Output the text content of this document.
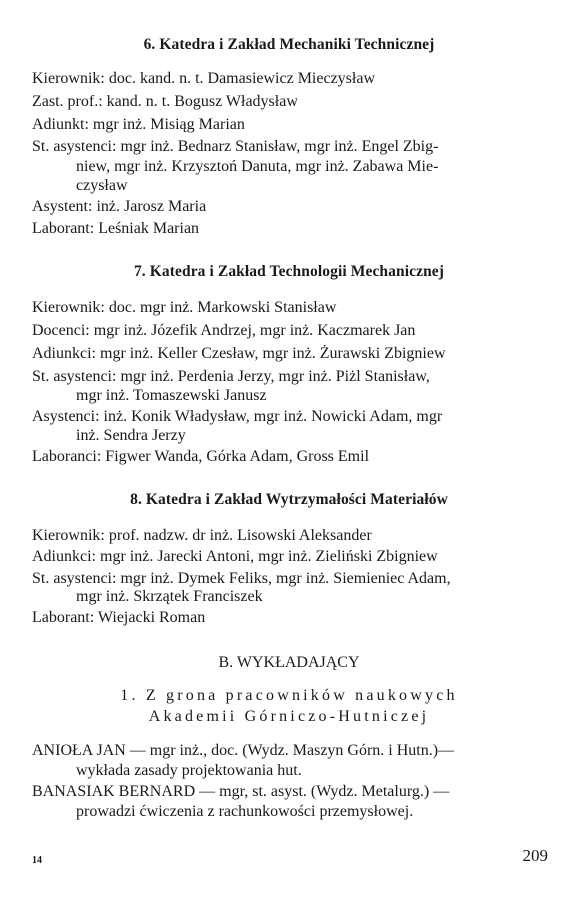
6. Katedra i Zakład Mechaniki Technicznej
Kierownik: doc. kand. n. t. Damasiewicz Mieczysław
Zast. prof.: kand. n. t. Bogusz Władysław
Adiunkt: mgr inż. Misiąg Marian
St. asystenci: mgr inż. Bednarz Stanisław, mgr inż. Engel Zbig-
niew, mgr inż. Krzysztoń Danuta, mgr inż. Zabawa Mie-
czysław
Asystent: inż. Jarosz Maria
Laborant: Leśniak Marian
7. Katedra i Zakład Technologii Mechanicznej
Kierownik: doc. mgr inż. Markowski Stanisław
Docenci: mgr inż. Józefik Andrzej, mgr inż. Kaczmarek Jan
Adiunkci: mgr inż. Keller Czesław, mgr inż. Żurawski Zbigniew
St. asystenci: mgr inż. Perdenia Jerzy, mgr inż. Piżl Stanisław,
mgr inż. Tomaszewski Janusz
Asystenci: inż. Konik Władysław, mgr inż. Nowicki Adam, mgr
inż. Sendra Jerzy
Laboranci: Figwer Wanda, Górka Adam, Gross Emil
8. Katedra i Zakład Wytrzymałości Materiałów
Kierownik: prof. nadzw. dr inż. Lisowski Aleksander
Adiunkci: mgr inż. Jarecki Antoni, mgr inż. Zieliński Zbigniew
St. asystenci: mgr inż. Dymek Feliks, mgr inż. Siemieniec Adam,
mgr inż. Skrzątek Franciszek
Laborant: Wiejacki Roman
B. WYKŁADAJĄCY
1. Z grona pracowników naukowych
Akademii Górniczo-Hutniczej
ANIOŁA JAN — mgr inż., doc. (Wydz. Maszyn Górn. i Hutn.)—
wykłada zasady projektowania hut.
BANASIAK BERNARD — mgr, st. asyst. (Wydz. Metalurg.) —
prowadzi ćwiczenia z rachunkowości przemysłowej.
14	209
